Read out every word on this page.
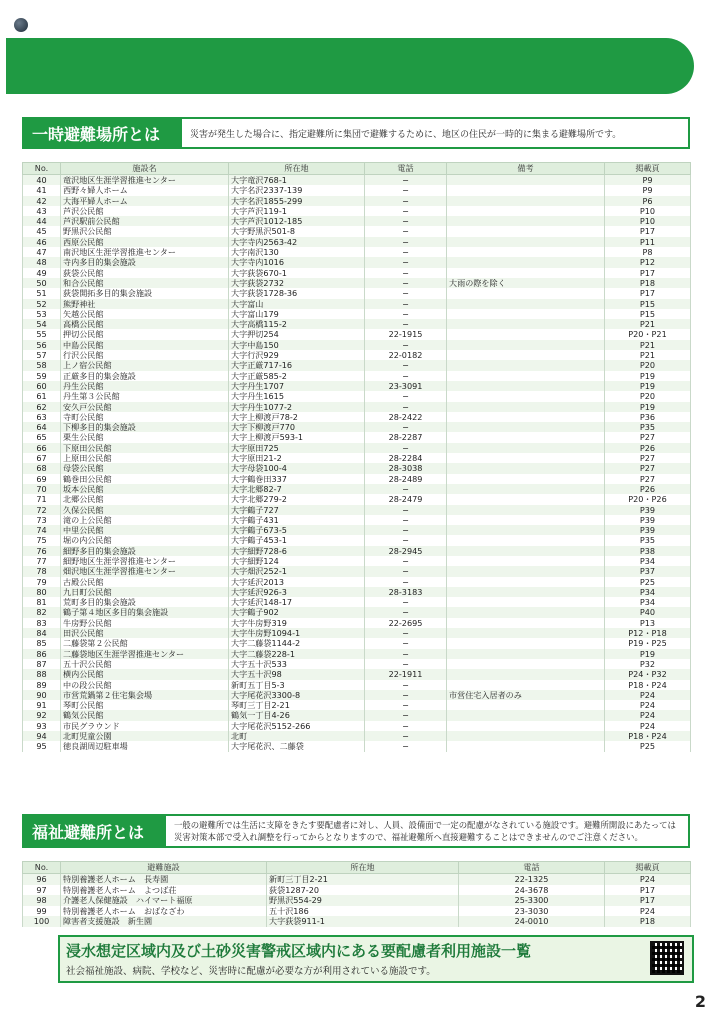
一時避難場所とは	災害が発生した場合に、指定避難所に集団で避難するために、地区の住民が一時的に集まる避難場所です。
No.	施設名	所在地	電話	備考	掲載頁
40	竜沢地区生涯学習推進センター	大字竜沢768-1	−		P9
41	西野々婦人ホーム	大字名沢2337-139	−		P9
42	大海平婦人ホーム	大字名沢1855-299	−		P6
43	芦沢公民館	大字芦沢119-1	−		P10
44	芦沢駅前公民館	大字芦沢1012-185	−		P10
45	野黒沢公民館	大字野黒沢501-8	−		P17
46	西原公民館	大字寺内2563-42	−		P11
47	南沢地区生涯学習推進センター	大字南沢130	−		P8
48	寺内多目的集会施設	大字寺内1016	−		P12
49	荻袋公民館	大字荻袋670-1	−		P17
50	和合公民館	大字荻袋2732	−	大雨の際を除く	P18
51	荻袋開拓多目的集会施設	大字荻袋1728-36	−		P17
52	熊野神社	大字富山	−		P15
53	矢越公民館	大字富山179	−		P15
54	高橋公民館	大字高橋115-2	−		P21
55	押切公民館	大字押切254	22-1915		P20・P21
56	中島公民館	大字中島150	−		P21
57	行沢公民館	大字行沢929	22-0182		P21
58	上ノ宿公民館	大字正厳717-16	−		P20
59	正厳多目的集会施設	大字正厳585-2	−		P19
60	丹生公民館	大字丹生1707	23-3091		P19
61	丹生第３公民館	大字丹生1615	−		P20
62	安久戸公民館	大字丹生1077-2	−		P19
63	寺町公民館	大字上柳渡戸78-2	28-2422		P36
64	下柳多目的集会施設	大字下柳渡戸770	−		P35
65	栗生公民館	大字上柳渡戸593-1	28-2287		P27
66	下原田公民館	大字原田725	−		P26
67	上原田公民館	大字原田21-2	28-2284		P27
68	母袋公民館	大字母袋100-4	28-3038		P27
69	鶴巻田公民館	大字鶴巻田337	28-2489		P27
70	坂本公民館	大字北郷82-7	−		P26
71	北郷公民館	大字北郷279-2	28-2479		P20・P26
72	久保公民館	大字鶴子727	−		P39
73	滝の上公民館	大字鶴子431	−		P39
74	中里公民館	大字鶴子673-5	−		P39
75	堀の内公民館	大字鶴子453-1	−		P35
76	細野多目的集会施設	大字細野728-6	28-2945		P38
77	細野地区生涯学習推進センター	大字細野124	−		P34
78	畑沢地区生涯学習推進センター	大字畑沢252-1	−		P37
79	古殿公民館	大字延沢2013	−		P25
80	九日町公民館	大字延沢926-3	28-3183		P34
81	荒町多目的集会施設	大字延沢148-17	−		P34
82	鶴子第４地区多目的集会施設	大字鶴子902	−		P40
83	牛房野公民館	大字牛房野319	22-2695		P13
84	田沢公民館	大字牛房野1094-1	−		P12・P18
85	二藤袋第２公民館	大字二藤袋1144-2	−		P19・P25
86	二藤袋地区生涯学習推進センター	大字二藤袋228-1	−		P19
87	五十沢公民館	大字五十沢533	−		P32
88	横内公民館	大字五十沢98	22-1911		P24・P32
89	中の段公民館	新町五丁目5-3	−		P18・P24
90	市営荒鍋第２住宅集会場	大字尾花沢3300-8	−	市営住宅入居者のみ	P24
91	琴町公民館	琴町三丁目2-21	−		P24
92	鶴気公民館	鶴気一丁目4-26	−		P24
93	市民グラウンド	大字尾花沢5152-266	−		P24
94	北町児童公園	北町	−		P18・P24
95	徳良湖周辺駐車場	大字尾花沢、二藤袋	−		P25
福祉避難所とは	一般の避難所では生活に支障をきたす要配慮者に対し、人員、設備面で一定の配慮がなされている施設です。避難所開設にあたっては災害対策本部で受入れ調整を行ってからとなりますので、福祉避難所へ直接避難することはできませんのでご注意ください。
No.	避難施設	所在地	電話	掲載頁
96	特別養護老人ホーム　長寿園	新町三丁目2-21	22-1325	P24
97	特別養護老人ホーム　よつば荘	荻袋1287-20	24-3678	P17
98	介護老人保健施設　ハイマート福原	野黒沢554-29	25-3300	P17
99	特別養護老人ホーム　おばなざわ	五十沢186	23-3030	P24
100	障害者支援施設　新生園	大字荻袋911-1	24-0010	P18
浸水想定区域内及び土砂災害警戒区域内にある要配慮者利用施設一覧
社会福祉施設、病院、学校など、災害時に配慮が必要な方が利用されている施設です。
2
